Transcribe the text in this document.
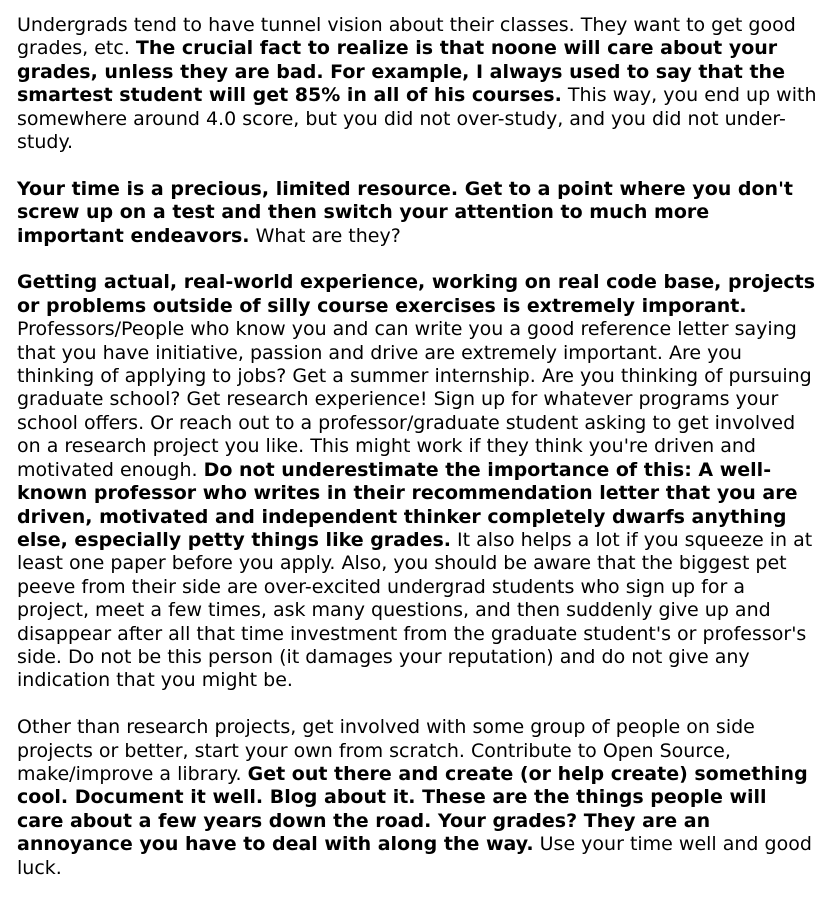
Undergrads tend to have tunnel vision about their classes. They want to get good grades, etc. The crucial fact to realize is that noone will care about your grades, unless they are bad. For example, I always used to say that the smartest student will get 85% in all of his courses. This way, you end up with somewhere around 4.0 score, but you did not over-study, and you did not under-study.

Your time is a precious, limited resource. Get to a point where you don't screw up on a test and then switch your attention to much more important endeavors. What are they?

Getting actual, real-world experience, working on real code base, projects or problems outside of silly course exercises is extremely imporant. Professors/People who know you and can write you a good reference letter saying that you have initiative, passion and drive are extremely important. Are you thinking of applying to jobs? Get a summer internship. Are you thinking of pursuing graduate school? Get research experience! Sign up for whatever programs your school offers. Or reach out to a professor/graduate student asking to get involved on a research project you like. This might work if they think you're driven and motivated enough. Do not underestimate the importance of this: A well-known professor who writes in their recommendation letter that you are driven, motivated and independent thinker completely dwarfs anything else, especially petty things like grades. It also helps a lot if you squeeze in at least one paper before you apply. Also, you should be aware that the biggest pet peeve from their side are over-excited undergrad students who sign up for a project, meet a few times, ask many questions, and then suddenly give up and disappear after all that time investment from the graduate student's or professor's side. Do not be this person (it damages your reputation) and do not give any indication that you might be.

Other than research projects, get involved with some group of people on side projects or better, start your own from scratch. Contribute to Open Source, make/improve a library. Get out there and create (or help create) something cool. Document it well. Blog about it. These are the things people will care about a few years down the road. Your grades? They are an annoyance you have to deal with along the way. Use your time well and good luck.
